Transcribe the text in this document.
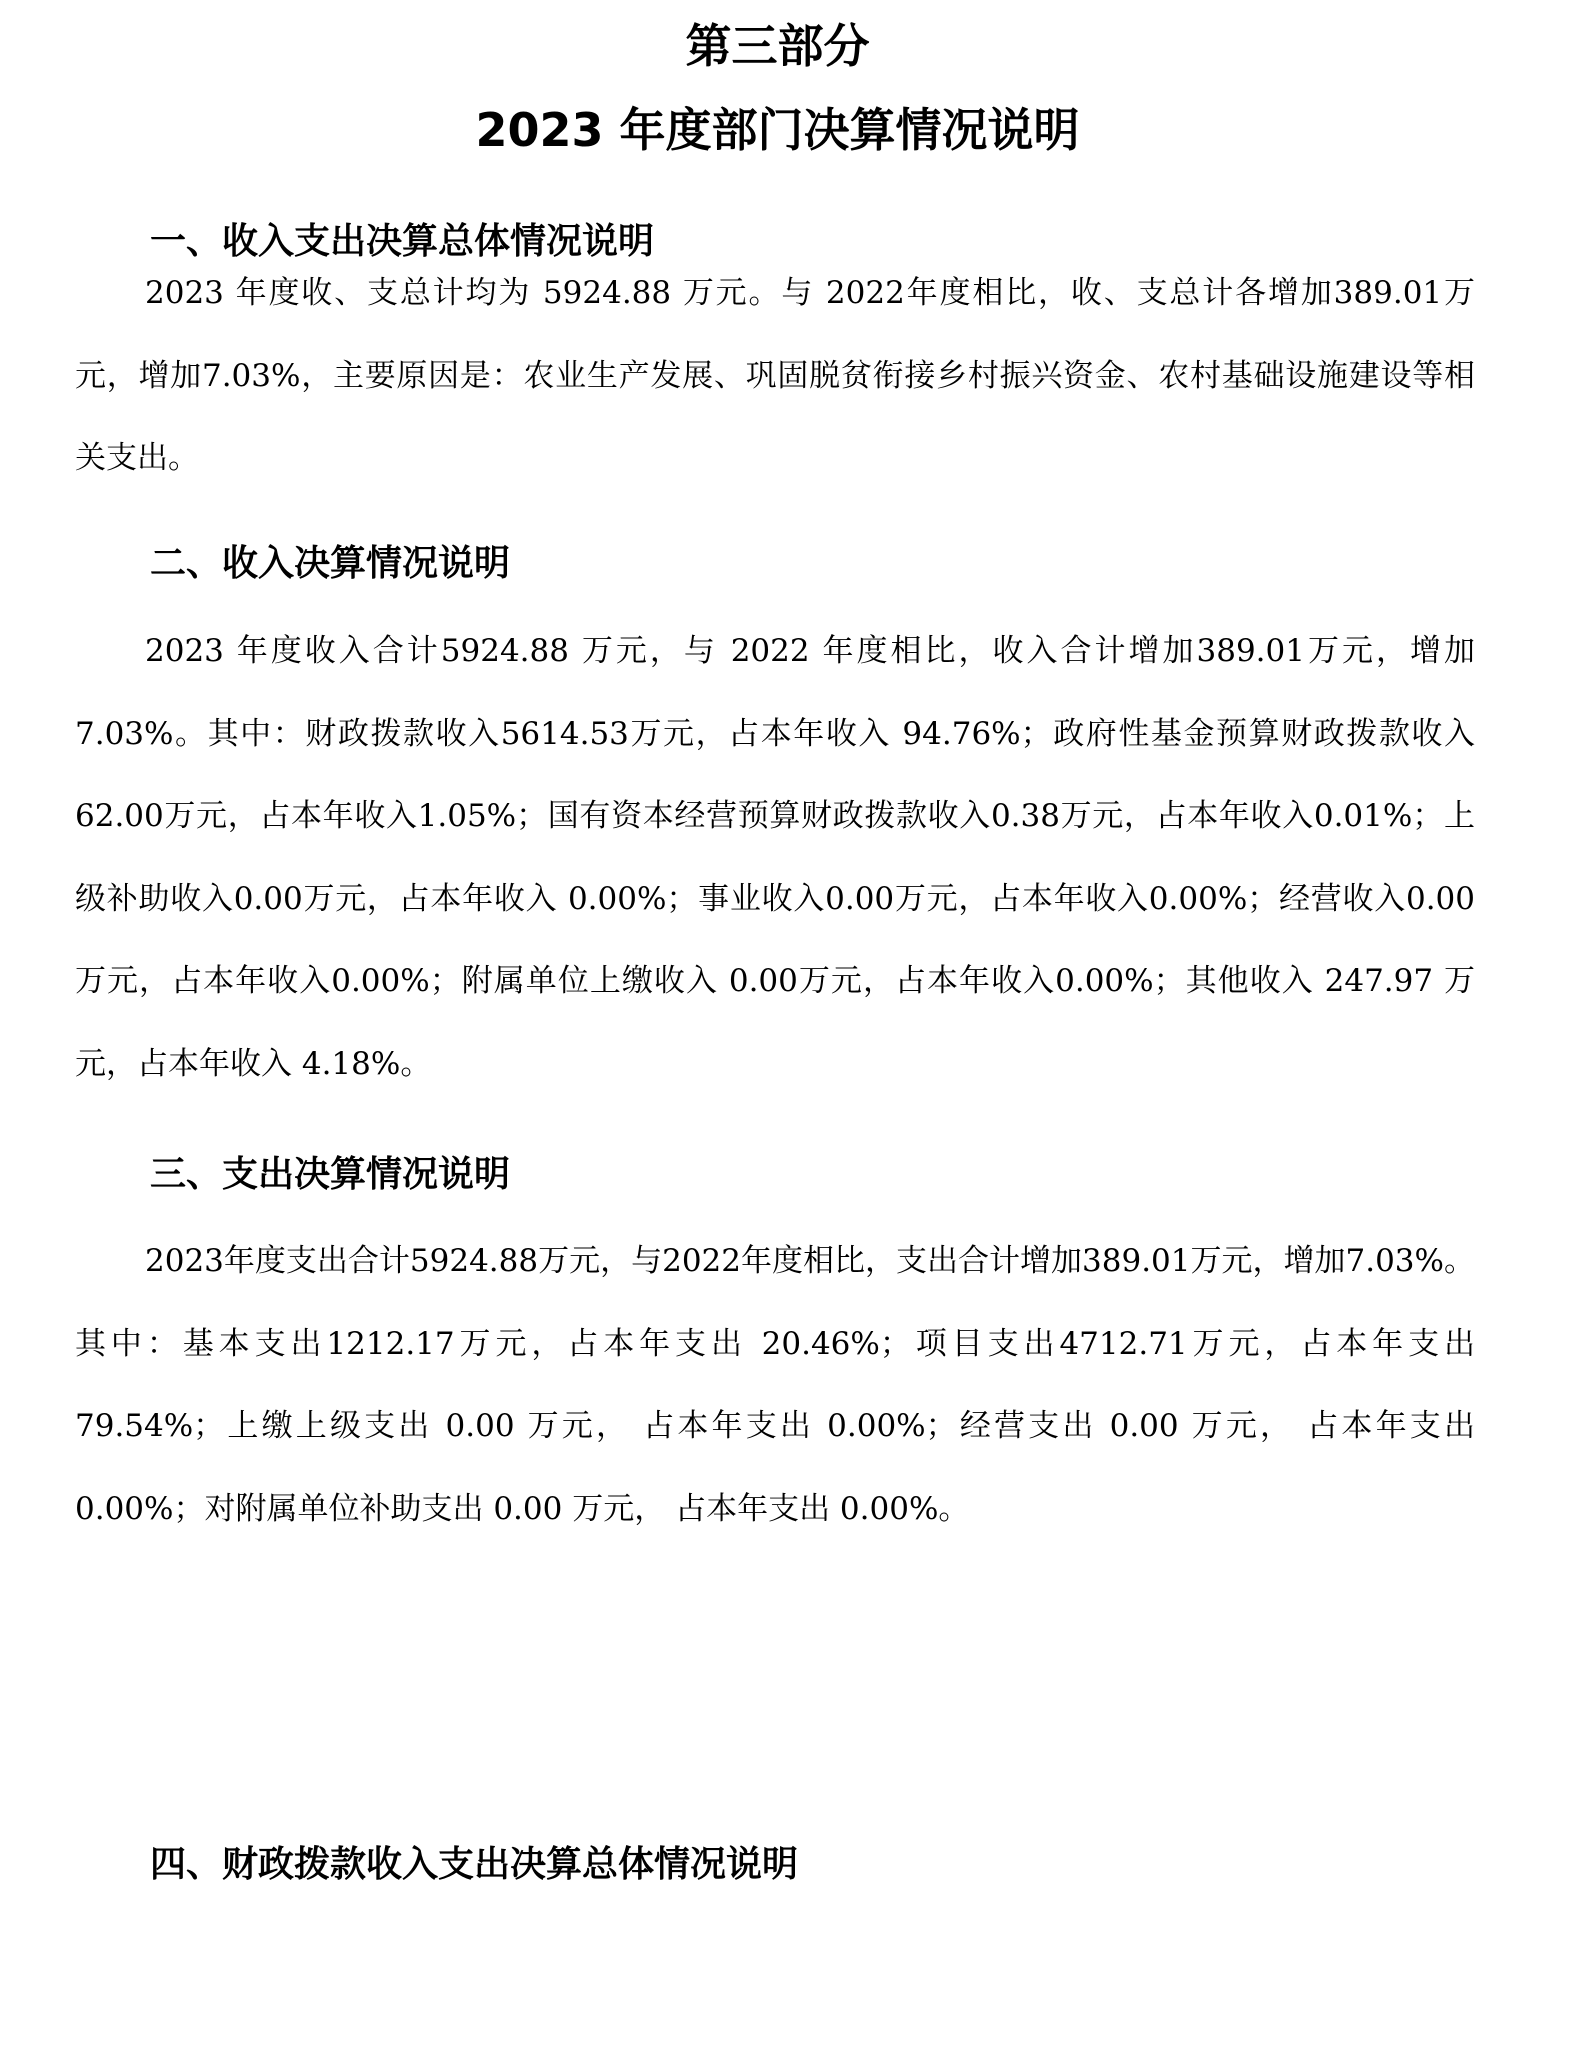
第三部分
2023 年度部门决算情况说明
一、收入支出决算总体情况说明

2023 年度收、支总计均为 5924.88 万元。与 2022年度相比，收、支总计各增加389.01万元，增加7.03%，主要原因是：农业生产发展、巩固脱贫衔接乡村振兴资金、农村基础设施建设等相关支出。

二、收入决算情况说明

2023 年度收入合计5924.88 万元，与 2022 年度相比，收入合计增加389.01万元，增加7.03%。其中：财政拨款收入5614.53万元，占本年收入 94.76%；政府性基金预算财政拨款收入62.00万元，占本年收入1.05%；国有资本经营预算财政拨款收入0.38万元，占本年收入0.01%；上级补助收入0.00万元，占本年收入 0.00%；事业收入0.00万元，占本年收入0.00%；经营收入0.00万元，占本年收入0.00%；附属单位上缴收入 0.00万元，占本年收入0.00%；其他收入 247.97 万元，占本年收入 4.18%。

三、支出决算情况说明

2023年度支出合计5924.88万元，与2022年度相比，支出合计增加389.01万元，增加7.03%。其中：基本支出1212.17万元，占本年支出 20.46%；项目支出4712.71万元，占本年支出 79.54%；上缴上级支出 0.00 万元， 占本年支出 0.00%；经营支出 0.00 万元， 占本年支出 0.00%；对附属单位补助支出 0.00 万元， 占本年支出 0.00%。

四、财政拨款收入支出决算总体情况说明
